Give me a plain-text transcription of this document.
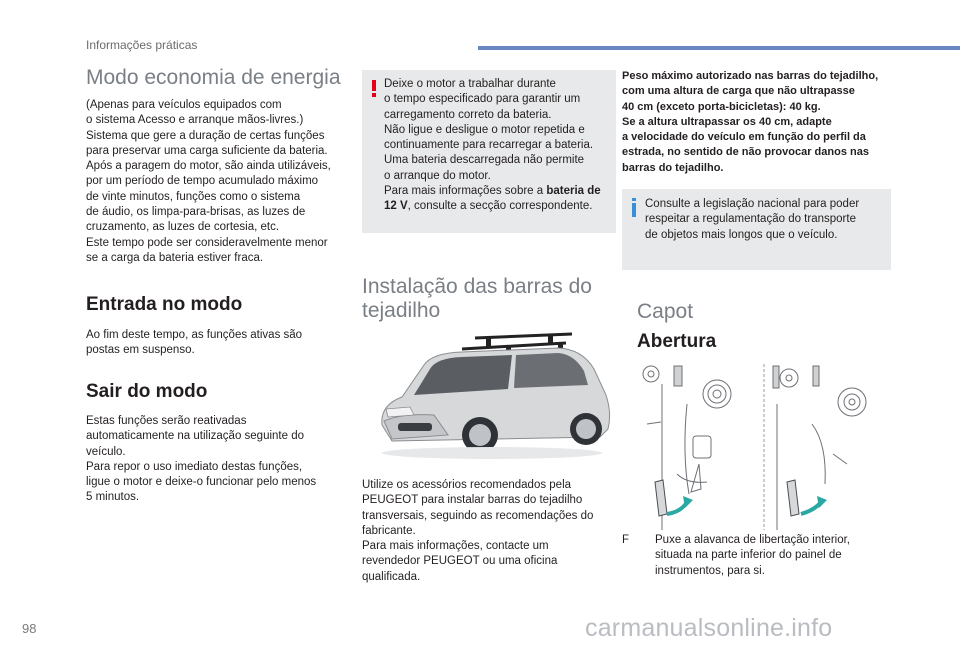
Informações práticas
Modo economia de energia
(Apenas para veículos equipados com
o sistema Acesso e arranque mãos-livres.)
Sistema que gere a duração de certas funções
para preservar uma carga suficiente da bateria.
Após a paragem do motor, são ainda utilizáveis,
por um período de tempo acumulado máximo
de vinte minutos, funções como o sistema
de áudio, os limpa-para-brisas, as luzes de
cruzamento, as luzes de cortesia, etc.
Este tempo pode ser consideravelmente menor
se a carga da bateria estiver fraca.
Entrada no modo
Ao fim deste tempo, as funções ativas são
postas em suspenso.
Sair do modo
Estas funções serão reativadas
automaticamente na utilização seguinte do
veículo.
Para repor o uso imediato destas funções,
ligue o motor e deixe-o funcionar pelo menos
5 minutos.
Deixe o motor a trabalhar durante
o tempo especificado para garantir um
carregamento correto da bateria.
Não ligue e desligue o motor repetida e
continuamente para recarregar a bateria.
Uma bateria descarregada não permite
o arranque do motor.
Para mais informações sobre a bateria de
12 V, consulte a secção correspondente.
Instalação das barras do
tejadilho
Utilize os acessórios recomendados pela
PEUGEOT para instalar barras do tejadilho
transversais, seguindo as recomendações do
fabricante.
Para mais informações, contacte um
revendedor PEUGEOT ou uma oficina
qualificada.
Peso máximo autorizado nas barras do tejadilho,
com uma altura de carga que não ultrapasse
40 cm (exceto porta-bicicletas): 40 kg.
Se a altura ultrapassar os 40 cm, adapte
a velocidade do veículo em função do perfil da
estrada, no sentido de não provocar danos nas
barras do tejadilho.
Consulte a legislação nacional para poder
respeitar a regulamentação do transporte
de objetos mais longos que o veículo.
Capot
Abertura
F	Puxe a alavanca de libertação interior,
situada na parte inferior do painel de
instrumentos, para si.
98	carmanualsonline.info
